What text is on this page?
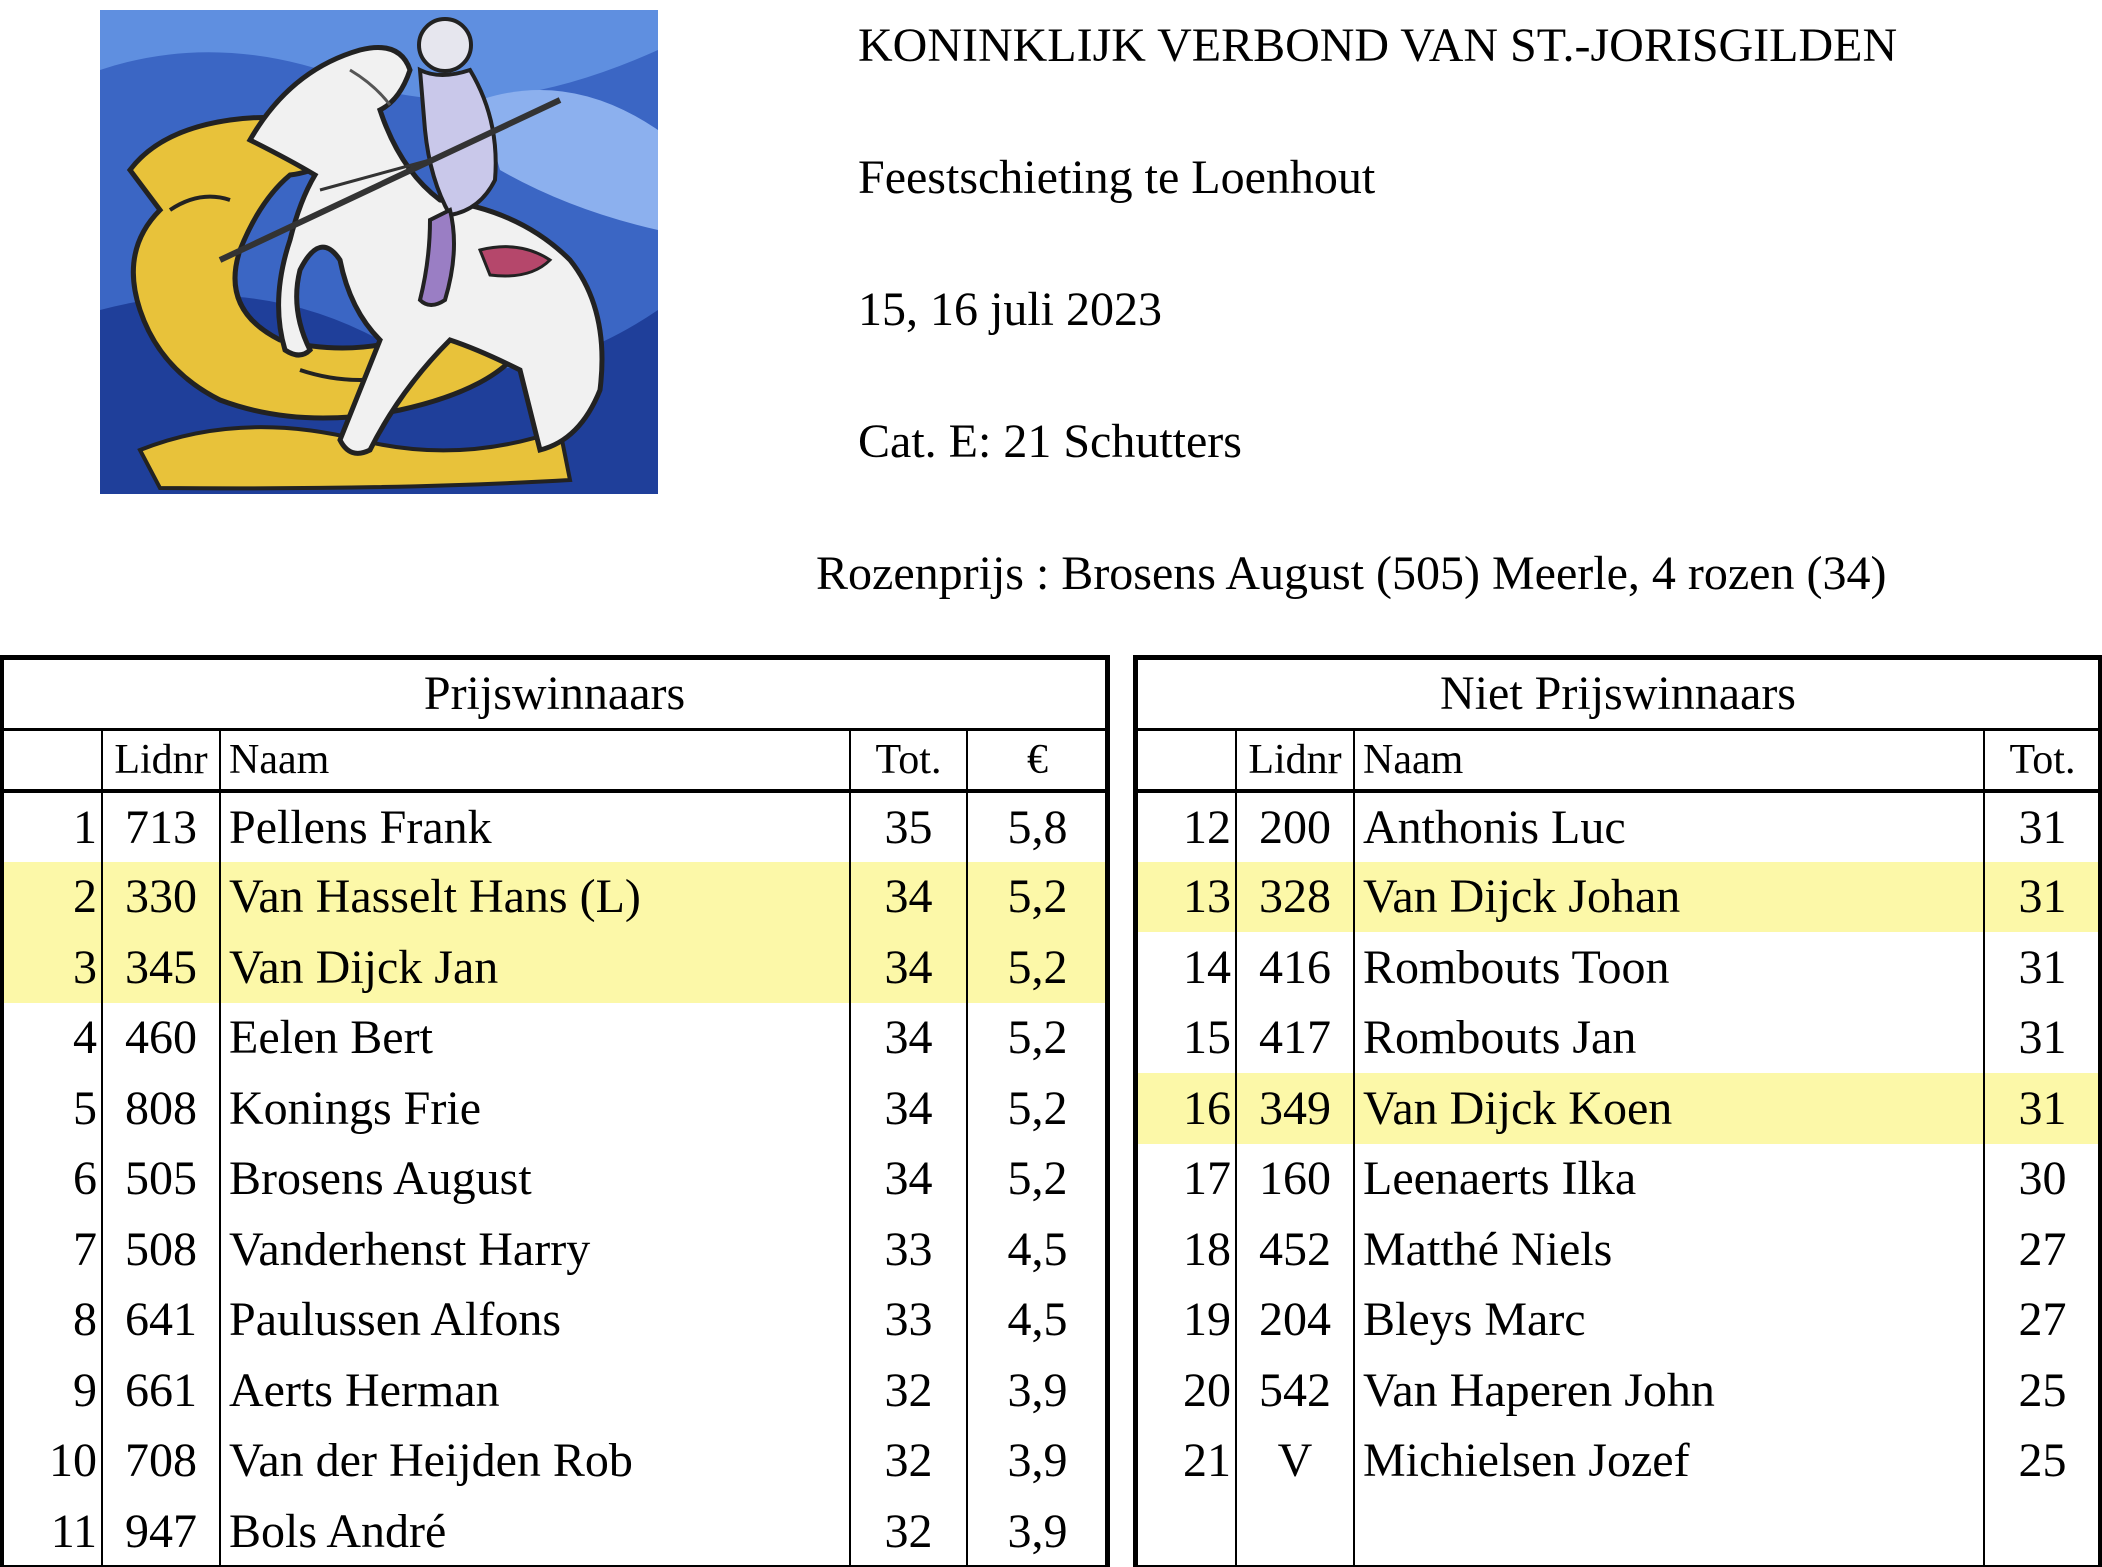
KONINKLIJK VERBOND VAN ST.-JORISGILDEN
Feestschieting te Loenhout
15, 16 juli 2023
Cat. E: 21 Schutters
Rozenprijs : Brosens August (505) Meerle, 4 rozen (34)
Prijswinnaars				
	Lidnr	Naam	Tot.	€
1	713	Pellens Frank	35	5,8
2	330	Van Hasselt Hans (L)	34	5,2
3	345	Van Dijck Jan	34	5,2
4	460	Eelen Bert	34	5,2
5	808	Konings Frie	34	5,2
6	505	Brosens August	34	5,2
7	508	Vanderhenst Harry	33	4,5
8	641	Paulussen Alfons	33	4,5
9	661	Aerts Herman	32	3,9
10	708	Van der Heijden Rob	32	3,9
11	947	Bols André	32	3,9
Niet Prijswinnaars			
	Lidnr	Naam	Tot.
12	200	Anthonis Luc	31
13	328	Van Dijck Johan	31
14	416	Rombouts Toon	31
15	417	Rombouts Jan	31
16	349	Van Dijck Koen	31
17	160	Leenaerts Ilka	30
18	452	Matthé Niels	27
19	204	Bleys Marc	27
20	542	Van Haperen John	25
21	V	Michielsen Jozef	25
